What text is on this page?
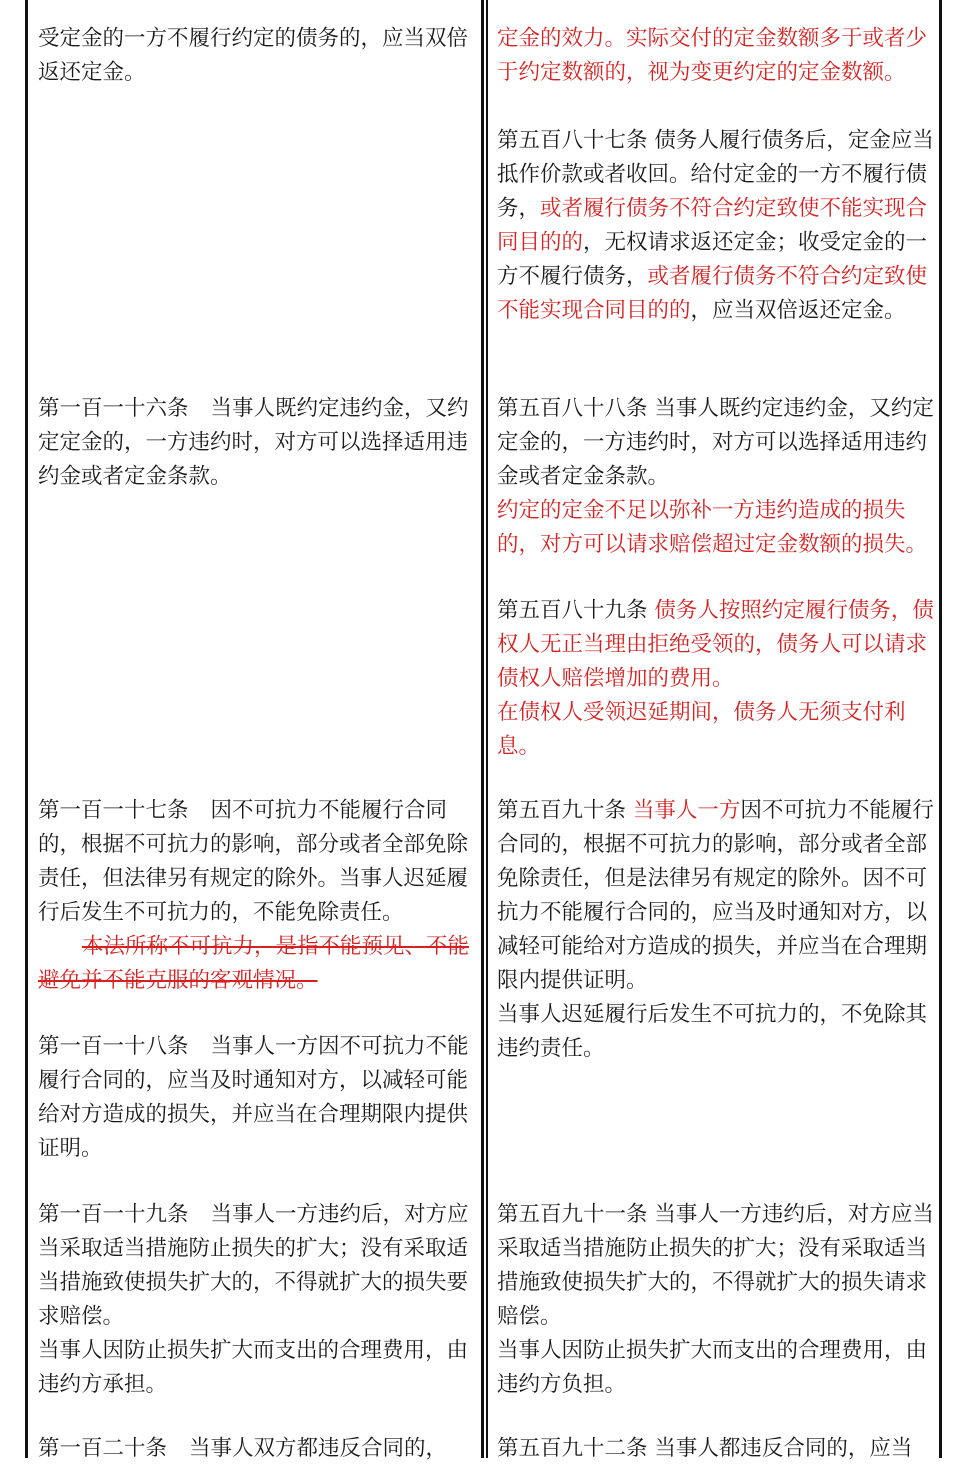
受定金的一方不履行约定的债务的，应当双倍返还定金。

第一百一十六条 当事人既约定违约金，又约定定金的，一方违约时，对方可以选择适用违约金或者定金条款。

第一百一十七条 因不可抗力不能履行合同的，根据不可抗力的影响，部分或者全部免除责任，但法律另有规定的除外。当事人迟延履行后发生不可抗力的，不能免除责任。
本法所称不可抗力，是指不能预见、不能避免并不能克服的客观情况。

第一百一十八条 当事人一方因不可抗力不能履行合同的，应当及时通知对方，以减轻可能给对方造成的损失，并应当在合理期限内提供证明。

第一百一十九条 当事人一方违约后，对方应当采取适当措施防止损失的扩大；没有采取适当措施致使损失扩大的，不得就扩大的损失要求赔偿。
当事人因防止损失扩大而支出的合理费用，由违约方承担。

第一百二十条 当事人双方都违反合同的，

定金的效力。实际交付的定金数额多于或者少于约定数额的，视为变更约定的定金数额。

第五百八十七条 债务人履行债务后，定金应当抵作价款或者收回。给付定金的一方不履行债务，或者履行债务不符合约定致使不能实现合同目的的，无权请求返还定金；收受定金的一方不履行债务，或者履行债务不符合约定致使不能实现合同目的的，应当双倍返还定金。

第五百八十八条 当事人既约定违约金，又约定定金的，一方违约时，对方可以选择适用违约金或者定金条款。
约定的定金不足以弥补一方违约造成的损失的，对方可以请求赔偿超过定金数额的损失。
第五百八十九条 债务人按照约定履行债务，债权人无正当理由拒绝受领的，债务人可以请求债权人赔偿增加的费用。
在债权人受领迟延期间，债务人无须支付利息。
第五百九十条 当事人一方因不可抗力不能履行合同的，根据不可抗力的影响，部分或者全部免除责任，但是法律另有规定的除外。因不可抗力不能履行合同的，应当及时通知对方，以减轻可能给对方造成的损失，并应当在合理期限内提供证明。
当事人迟延履行后发生不可抗力的，不免除其违约责任。
第五百九十一条 当事人一方违约后，对方应当采取适当措施防止损失的扩大；没有采取适当措施致使损失扩大的，不得就扩大的损失请求赔偿。
当事人因防止损失扩大而支出的合理费用，由违约方负担。

第五百九十二条 当事人都违反合同的，应当
